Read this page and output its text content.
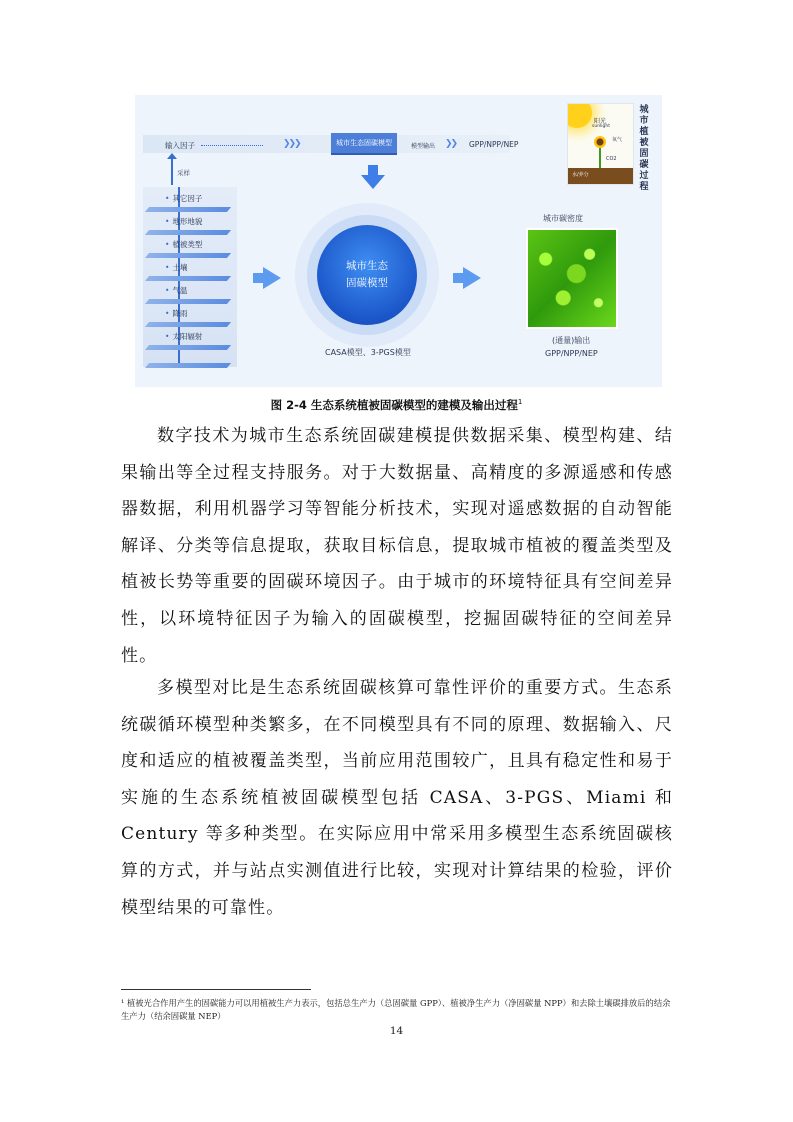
输入因子	❯❯❯	城市生态固碳模型	模型输出 ❯❯ GPP/NPP/NEP
采样
• 其它因子
• 地形地貌
• 植被类型
• 土壤
• 气温
• 降雨
• 太阳辐射
城市生态
固碳模型
CASA模型、3-PGS模型
城市碳密度
(通量)输出
GPP/NPP/NEP
阳光
sunlight
氧气
CO2
水/养分
城市植被固碳过程
图 2-4 生态系统植被固碳模型的建模及输出过程$^1$

数字技术为城市生态系统固碳建模提供数据采集、模型构建、结果输出等全过程支持服务。对于大数据量、高精度的多源遥感和传感器数据，利用机器学习等智能分析技术，实现对遥感数据的自动智能解译、分类等信息提取，获取目标信息，提取城市植被的覆盖类型及植被长势等重要的固碳环境因子。由于城市的环境特征具有空间差异性，以环境特征因子为输入的固碳模型，挖掘固碳特征的空间差异性。

多模型对比是生态系统固碳核算可靠性评价的重要方式。生态系统碳循环模型种类繁多，在不同模型具有不同的原理、数据输入、尺度和适应的植被覆盖类型，当前应用范围较广，且具有稳定性和易于实施的生态系统植被固碳模型包括 CASA、3-PGS、Miami 和Century 等多种类型。在实际应用中常采用多模型生态系统固碳核算的方式，并与站点实测值进行比较，实现对计算结果的检验，评价模型结果的可靠性。

¹ 植被光合作用产生的固碳能力可以用植被生产力表示，包括总生产力（总固碳量 GPP）、植被净生产力（净固碳量 NPP）和去除土壤碳排放后的结余生产力（结余固碳量 NEP）
14
